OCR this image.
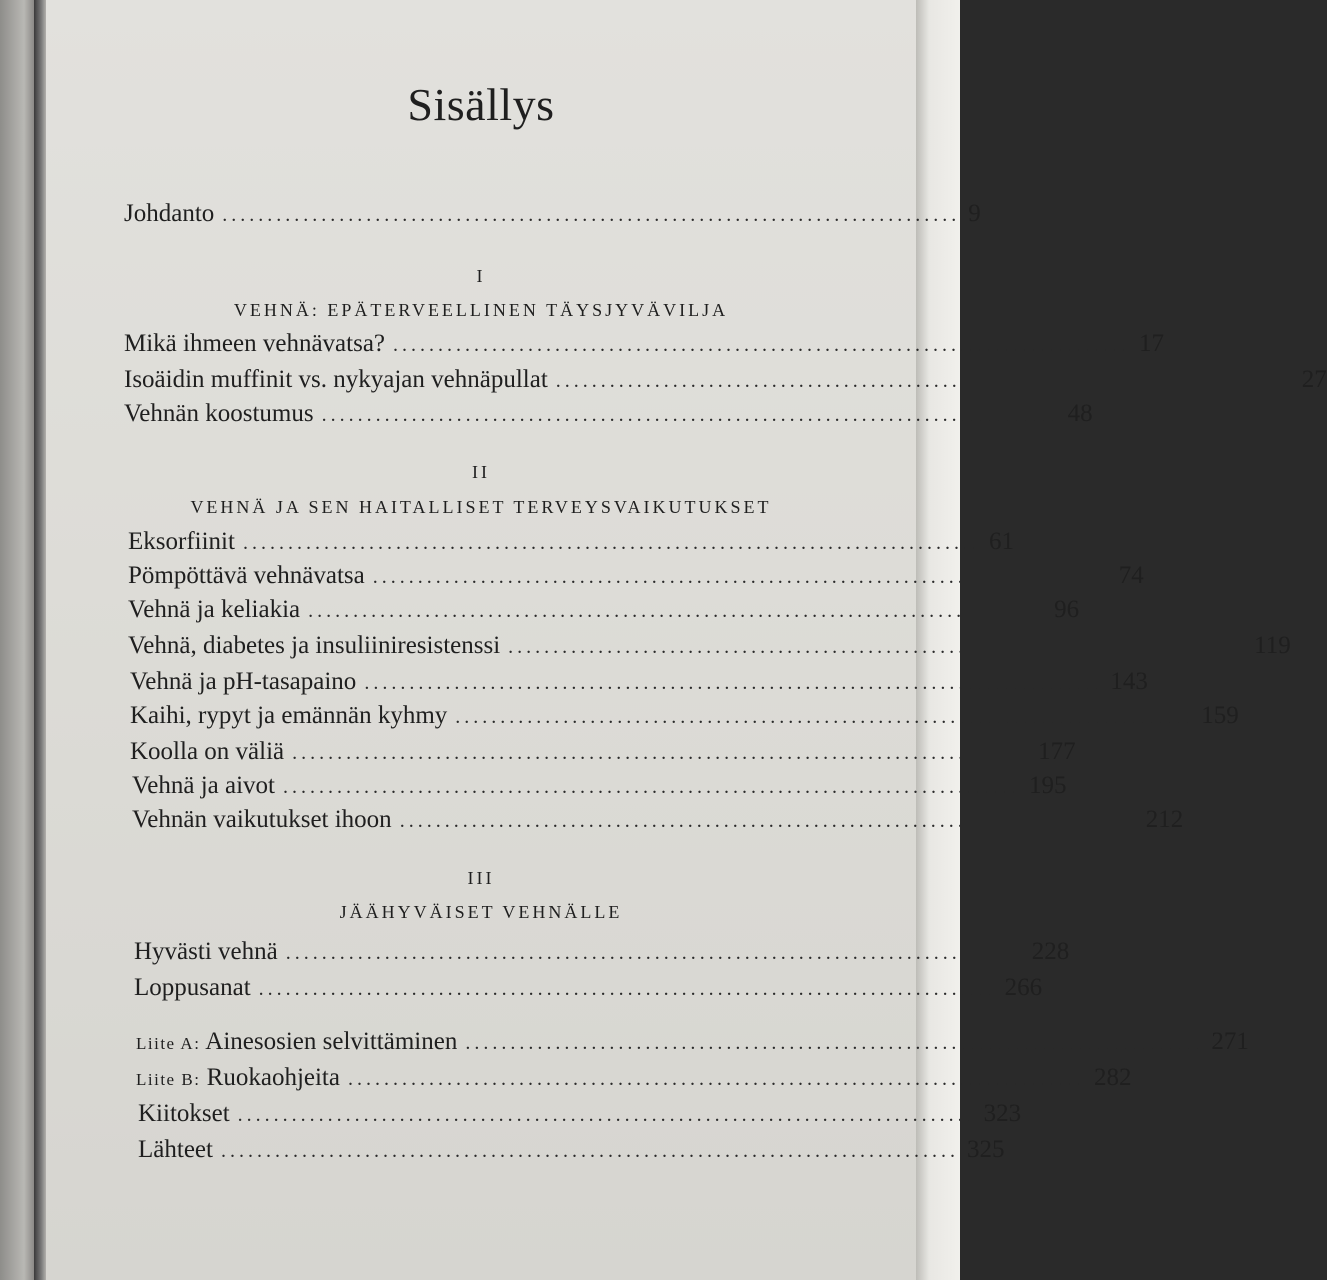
Sisällys
Johdanto .................................................................................. 9
I
VEHNÄ: EPÄTERVEELLINEN TÄYSJYVÄVILJA
Mikä ihmeen vehnävatsa? .................................................................................. 17
Isoäidin muffinit vs. nykyajan vehnäpullat .................................................................................. 27
Vehnän koostumus .................................................................................. 48
II
VEHNÄ JA SEN HAITALLISET TERVEYSVAIKUTUKSET
Eksorfiinit .................................................................................. 61
Pömpöttävä vehnävatsa .................................................................................. 74
Vehnä ja keliakia .................................................................................. 96
Vehnä, diabetes ja insuliiniresistenssi .................................................................................. 119
Vehnä ja pH-tasapaino .................................................................................. 143
Kaihi, rypyt ja emännän kyhmy .................................................................................. 159
Koolla on väliä .................................................................................. 177
Vehnä ja aivot .................................................................................. 195
Vehnän vaikutukset ihoon .................................................................................. 212
III
JÄÄHYVÄISET VEHNÄLLE
Hyvästi vehnä .................................................................................. 228
Loppusanat .................................................................................. 266
Liite A: Ainesosien selvittäminen .................................................................................. 271
Liite B: Ruokaohjeita .................................................................................. 282
Kiitokset .................................................................................. 323
Lähteet .................................................................................. 325
